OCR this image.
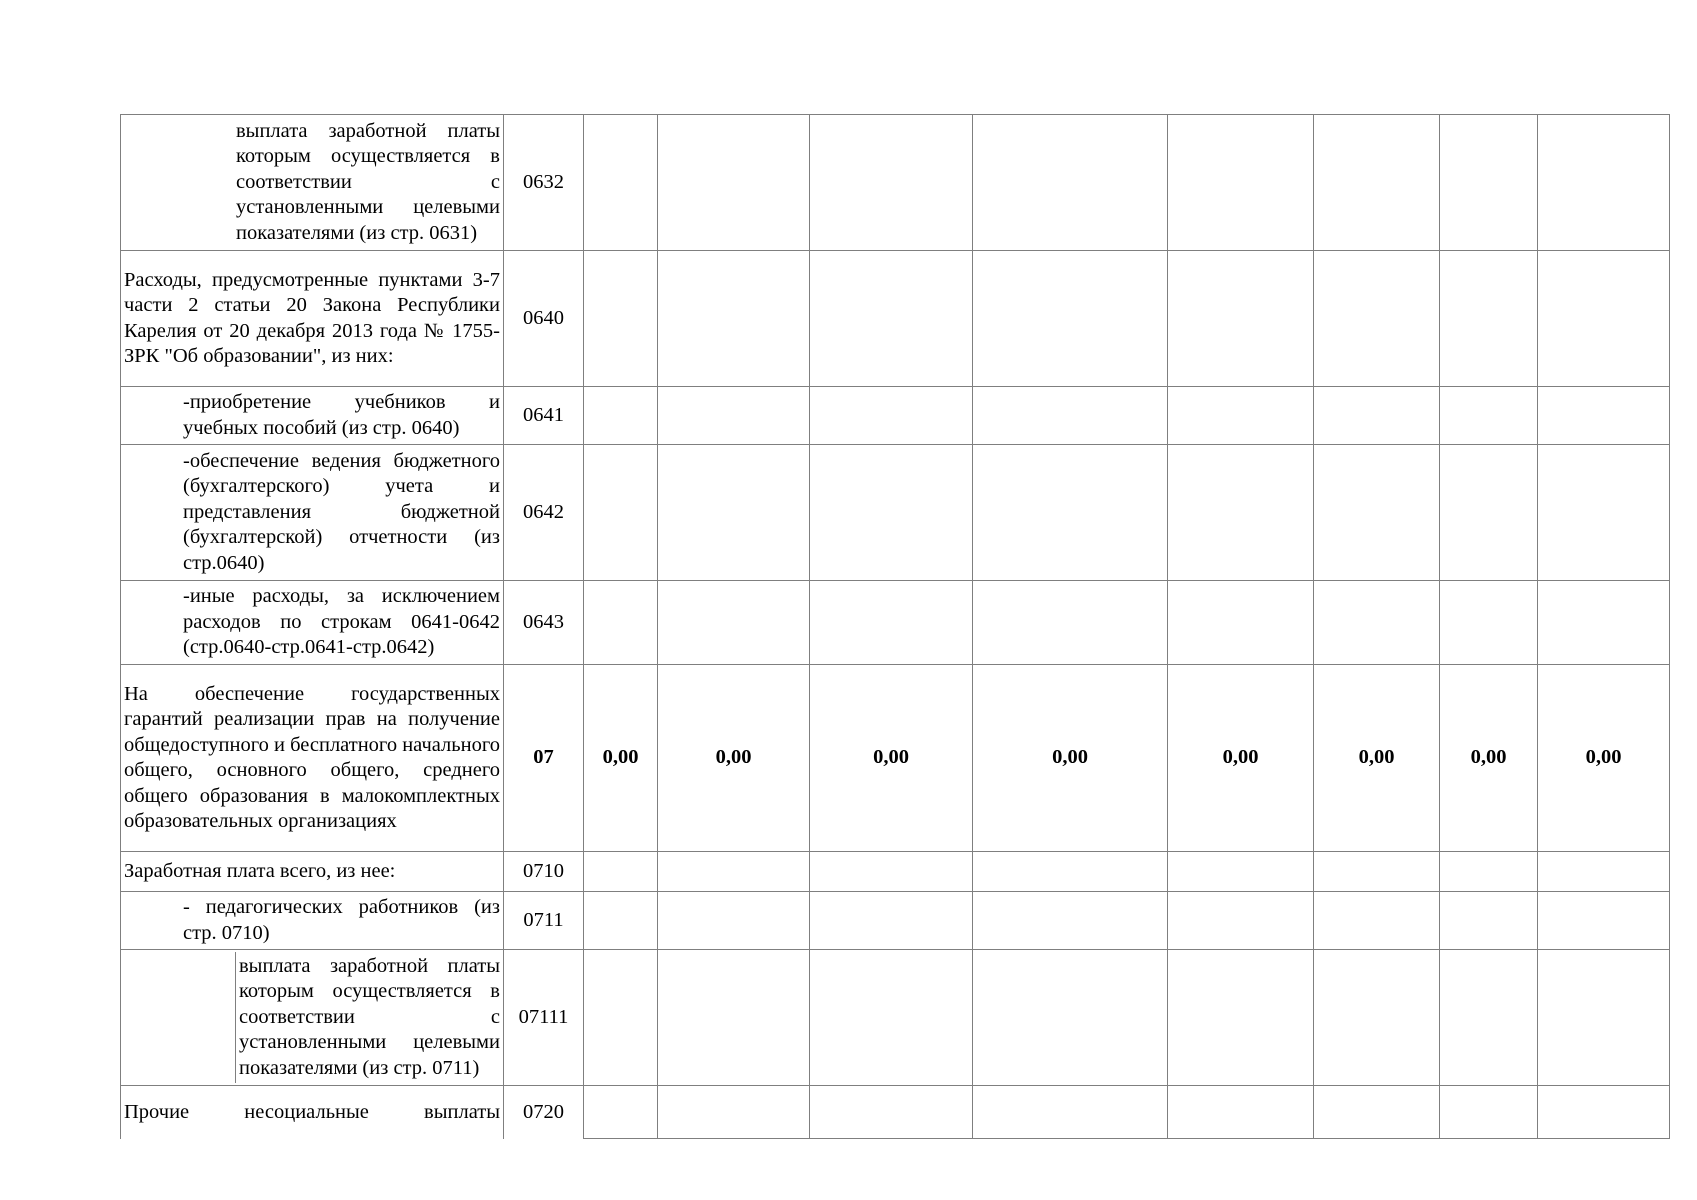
выплата заработной платы которым осуществляется в соответствии с установленными целевыми показателями (из стр. 0631)	0632								

Расходы, предусмотренные пунктами 3-7 части 2 статьи 20 Закона Республики Карелия от 20 декабря 2013 года № 1755-ЗРК "Об образовании", из них:	0640								

-приобретение учебников и учебных пособий (из стр. 0640)	0641								

-обеспечение ведения бюджетного (бухгалтерского) учета и представления бюджетной (бухгалтерской) отчетности (из стр.0640)	0642								

-иные расходы, за исключением расходов по строкам 0641-0642 (стр.0640-стр.0641-стр.0642)	0643								

На обеспечение государственных гарантий реализации прав на получение общедоступного и бесплатного начального общего, основного общего, среднего общего образования в малокомплектных образовательных организациях	07	0,00	0,00	0,00	0,00	0,00	0,00	0,00	0,00

Заработная плата всего, из нее:	0710								

- педагогических работников (из стр. 0710)	0711								

выплата заработной платы которым осуществляется в соответствии с установленными целевыми показателями (из стр. 0711)	07111								

Прочие несоциальные выплаты	0720								
